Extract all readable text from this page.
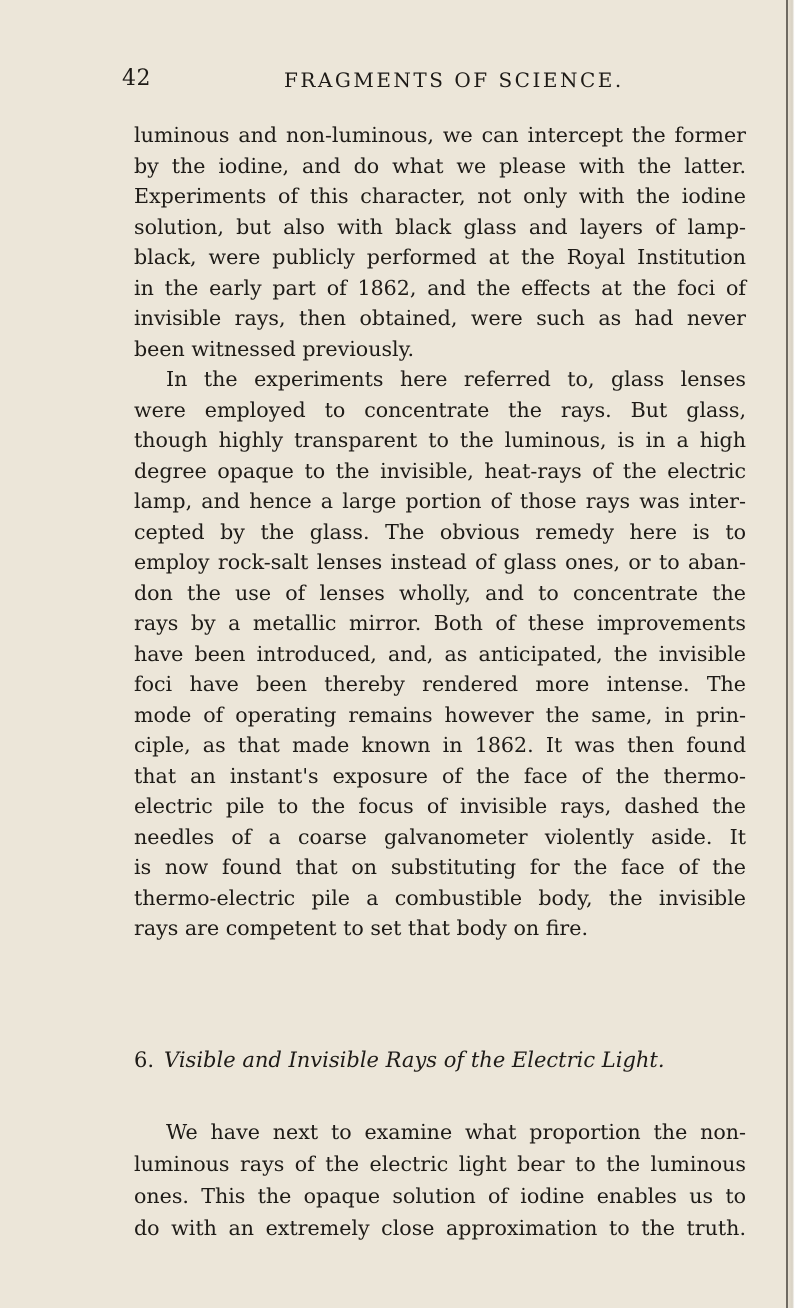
42	FRAGMENTS OF SCIENCE.
luminous and non-luminous, we can intercept the former
by the iodine, and do what we please with the latter.
Experiments of this character, not only with the iodine
solution, but also with black glass and layers of lamp-
black, were publicly performed at the Royal Institution
in the early part of 1862, and the effects at the foci of
invisible rays, then obtained, were such as had never
been witnessed previously.
In the experiments here referred to, glass lenses
were employed to concentrate the rays. But glass,
though highly transparent to the luminous, is in a high
degree opaque to the invisible, heat-rays of the electric
lamp, and hence a large portion of those rays was inter-
cepted by the glass. The obvious remedy here is to
employ rock-salt lenses instead of glass ones, or to aban-
don the use of lenses wholly, and to concentrate the
rays by a metallic mirror. Both of these improvements
have been introduced, and, as anticipated, the invisible
foci have been thereby rendered more intense. The
mode of operating remains however the same, in prin-
ciple, as that made known in 1862. It was then found
that an instant's exposure of the face of the thermo-
electric pile to the focus of invisible rays, dashed the
needles of a coarse galvanometer violently aside. It
is now found that on substituting for the face of the
thermo-electric pile a combustible body, the invisible
rays are competent to set that body on fire.
6. Visible and Invisible Rays of the Electric Light.
We have next to examine what proportion the non-
luminous rays of the electric light bear to the luminous
ones. This the opaque solution of iodine enables us to
do with an extremely close approximation to the truth.
